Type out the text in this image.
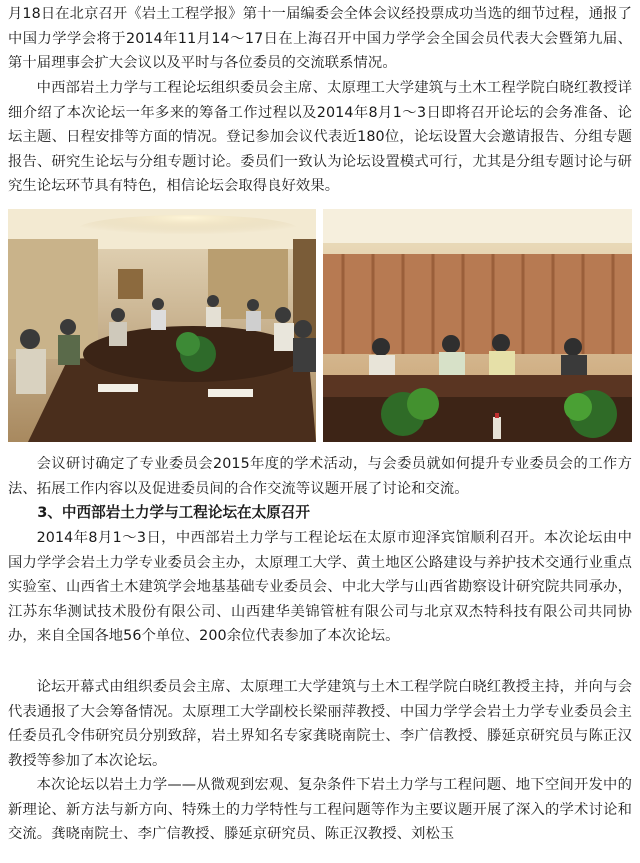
月18日在北京召开《岩土工程学报》第十一届编委会全体会议经投票成功当选的细节过程，通报了中国力学学会将于2014年11月14～17日在上海召开中国力学学会全国会员代表大会暨第九届、第十届理事会扩大会议以及平时与各位委员的交流联系情况。

中西部岩土力学与工程论坛组织委员会主席、太原理工大学建筑与土木工程学院白晓红教授详细介绍了本次论坛一年多来的筹备工作过程以及2014年8月1～3日即将召开论坛的会务准备、论坛主题、日程安排等方面的情况。登记参加会议代表近180位，论坛设置大会邀请报告、分组专题报告、研究生论坛与分组专题讨论。委员们一致认为论坛设置模式可行，尤其是分组专题讨论与研究生论坛环节具有特色，相信论坛会取得良好效果。

会议研讨确定了专业委员会2015年度的学术活动，与会委员就如何提升专业委员会的工作方法、拓展工作内容以及促进委员间的合作交流等议题开展了讨论和交流。

3、中西部岩土力学与工程论坛在太原召开

2014年8月1～3日，中西部岩土力学与工程论坛在太原市迎泽宾馆顺利召开。本次论坛由中国力学学会岩土力学专业委员会主办，太原理工大学、黄土地区公路建设与养护技术交通行业重点实验室、山西省土木建筑学会地基基础专业委员会、中北大学与山西省勘察设计研究院共同承办，江苏东华测试技术股份有限公司、山西建华美锦管桩有限公司与北京双杰特科技有限公司共同协办，来自全国各地56个单位、200余位代表参加了本次论坛。

论坛开幕式由组织委员会主席、太原理工大学建筑与土木工程学院白晓红教授主持，并向与会代表通报了大会筹备情况。太原理工大学副校长梁丽萍教授、中国力学学会岩土力学专业委员会主任委员孔令伟研究员分别致辞，岩土界知名专家龚晓南院士、李广信教授、滕延京研究员与陈正汉教授等参加了本次论坛。

本次论坛以岩土力学——从微观到宏观、复杂条件下岩土力学与工程问题、地下空间开发中的新理论、新方法与新方向、特殊土的力学特性与工程问题等作为主要议题开展了深入的学术讨论和交流。龚晓南院士、李广信教授、滕延京研究员、陈正汉教授、刘松玉
